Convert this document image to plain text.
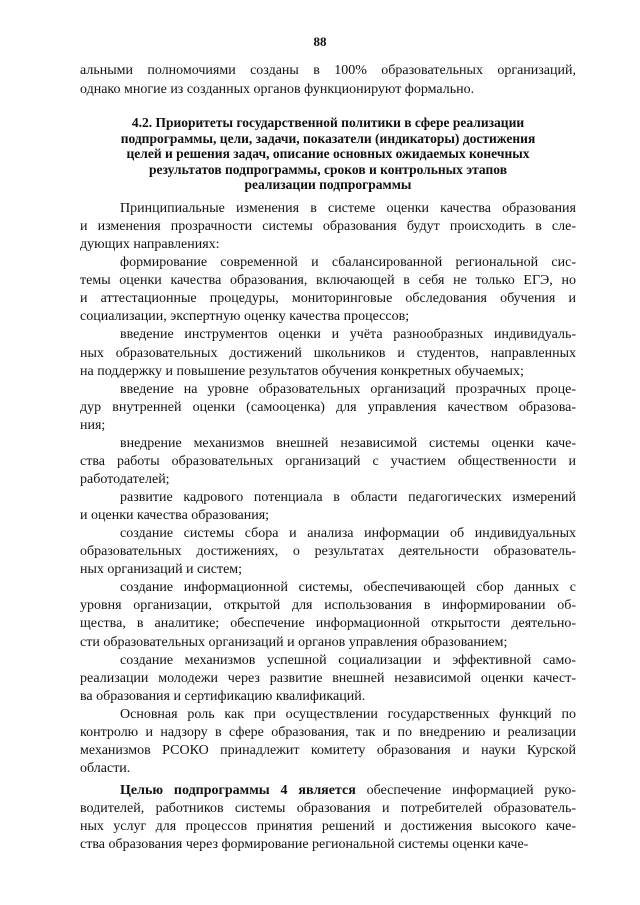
88
альными полномочиями созданы в 100% образовательных организаций,
однако многие из созданных органов функционируют формально.
4.2. Приоритеты государственной политики в сфере реализации
подпрограммы, цели, задачи, показатели (индикаторы) достижения
целей и решения задач, описание основных ожидаемых конечных
результатов подпрограммы, сроков и контрольных этапов
реализации подпрограммы
Принципиальные изменения в системе оценки качества образования
и изменения прозрачности системы образования будут происходить в сле-
дующих направлениях:
формирование современной и сбалансированной региональной сис-
темы оценки качества образования, включающей в себя не только ЕГЭ, но
и аттестационные процедуры, мониторинговые обследования обучения и
социализации, экспертную оценку качества процессов;
введение инструментов оценки и учёта разнообразных индивидуаль-
ных образовательных достижений школьников и студентов, направленных
на поддержку и повышение результатов обучения конкретных обучаемых;
введение на уровне образовательных организаций прозрачных проце-
дур внутренней оценки (самооценка) для управления качеством образова-
ния;
внедрение механизмов внешней независимой системы оценки каче-
ства работы образовательных организаций с участием общественности и
работодателей;
развитие кадрового потенциала в области педагогических измерений
и оценки качества образования;
создание системы сбора и анализа информации об индивидуальных
образовательных достижениях, о результатах деятельности образователь-
ных организаций и систем;
создание информационной системы, обеспечивающей сбор данных с
уровня организации, открытой для использования в информировании об-
щества, в аналитике; обеспечение информационной открытости деятельно-
сти образовательных организаций и органов управления образованием;
создание механизмов успешной социализации и эффективной само-
реализации молодежи через развитие внешней независимой оценки качест-
ва образования и сертификацию квалификаций.
Основная роль как при осуществлении государственных функций по
контролю и надзору в сфере образования, так и по внедрению и реализации
механизмов РСОКО принадлежит комитету образования и науки Курской
области.
Целью подпрограммы 4 является обеспечение информацией руко-
водителей, работников системы образования и потребителей образователь-
ных услуг для процессов принятия решений и достижения высокого каче-
ства образования через формирование региональной системы оценки каче-
